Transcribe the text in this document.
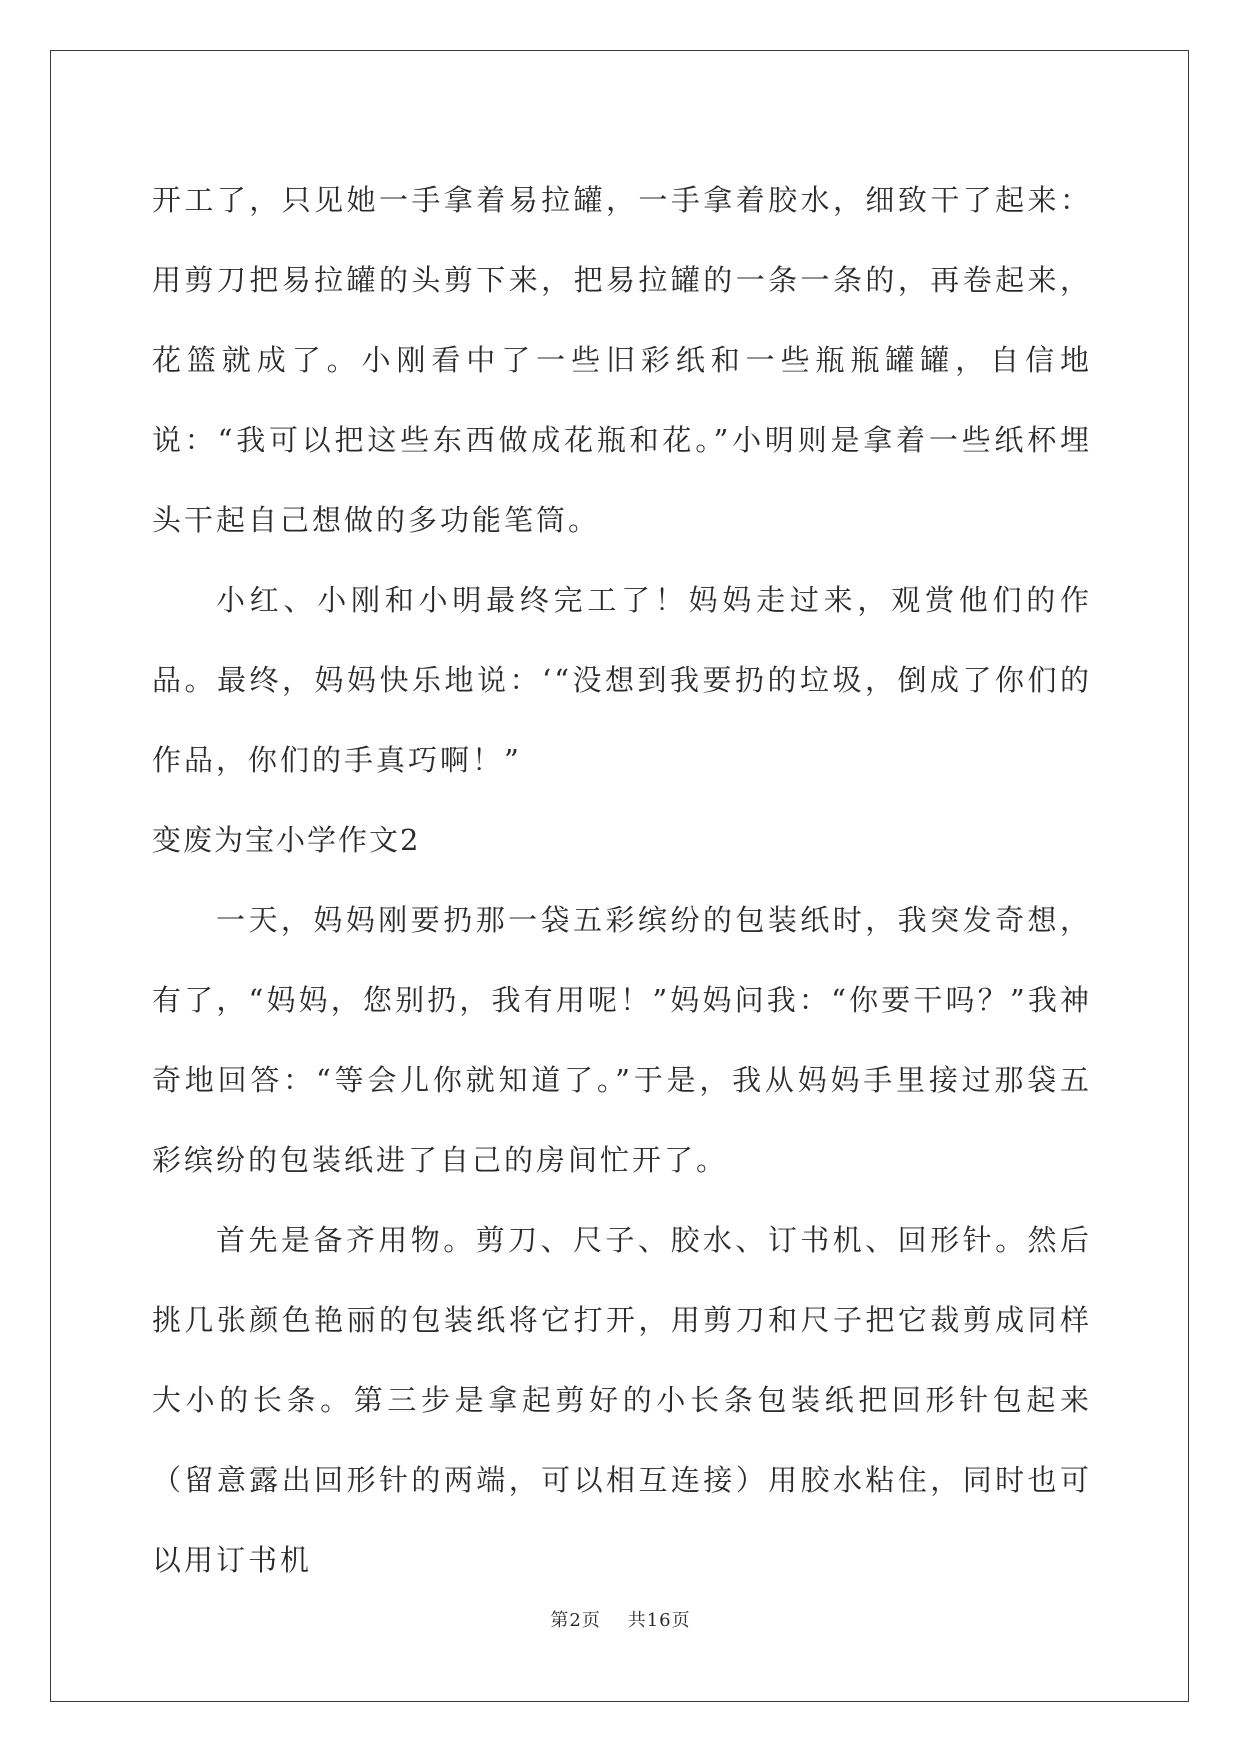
开工了，只见她一手拿着易拉罐，一手拿着胶水，细致干了起来：用剪刀把易拉罐的头剪下来，把易拉罐的一条一条的，再卷起来，花篮就成了。小刚看中了一些旧彩纸和一些瓶瓶罐罐，自信地说：“我可以把这些东西做成花瓶和花。”小明则是拿着一些纸杯埋头干起自己想做的多功能笔筒。

小红、小刚和小明最终完工了！妈妈走过来，观赏他们的作品。最终，妈妈快乐地说：‘“没想到我要扔的垃圾，倒成了你们的作品，你们的手真巧啊！”

变废为宝小学作文2

一天，妈妈刚要扔那一袋五彩缤纷的包装纸时，我突发奇想，有了，“妈妈，您别扔，我有用呢！”妈妈问我：“你要干吗？”我神奇地回答：“等会儿你就知道了。”于是，我从妈妈手里接过那袋五彩缤纷的包装纸进了自己的房间忙开了。

首先是备齐用物。剪刀、尺子、胶水、订书机、回形针。然后挑几张颜色艳丽的包装纸将它打开，用剪刀和尺子把它裁剪成同样大小的长条。第三步是拿起剪好的小长条包装纸把回形针包起来（留意露出回形针的两端，可以相互连接）用胶水粘住，同时也可以用订书机

第2页    共16页
